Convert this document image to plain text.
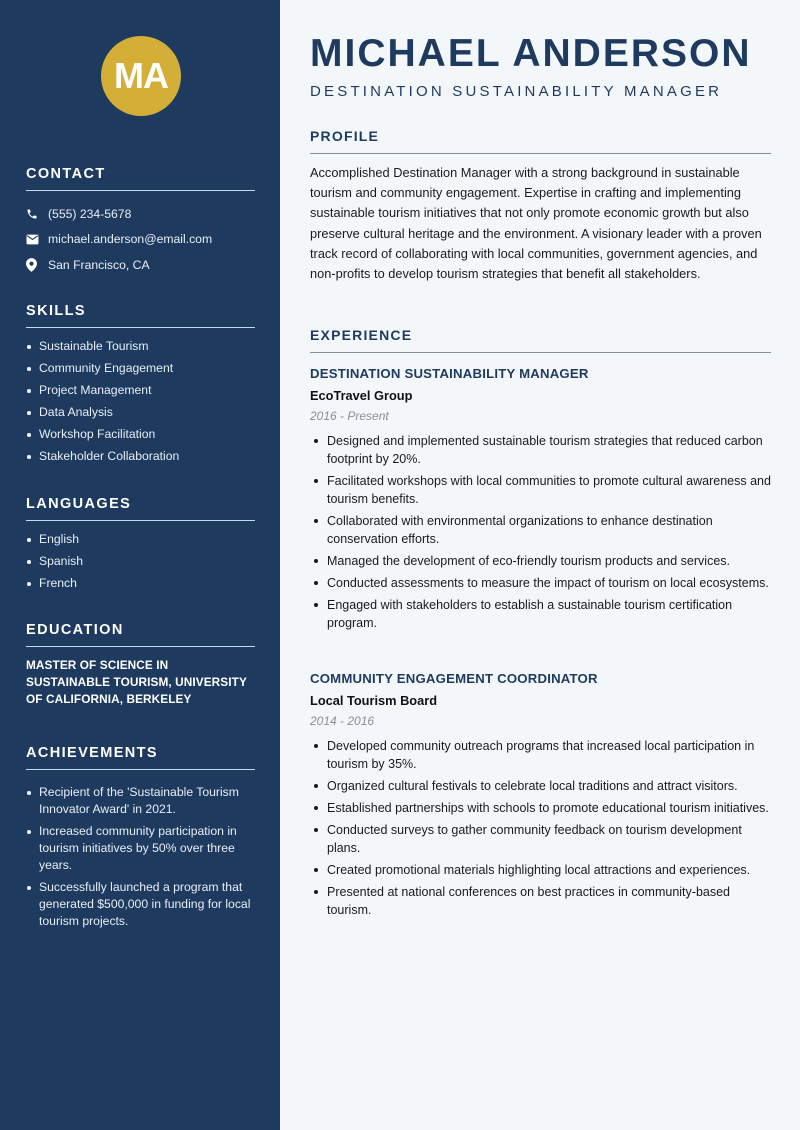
MA
CONTACT
(555) 234-5678
michael.anderson@email.com
San Francisco, CA
SKILLS
Sustainable Tourism
Community Engagement
Project Management
Data Analysis
Workshop Facilitation
Stakeholder Collaboration
LANGUAGES
English
Spanish
French
EDUCATION

MASTER OF SCIENCE IN SUSTAINABLE TOURISM, UNIVERSITY OF CALIFORNIA, BERKELEY

ACHIEVEMENTS
Recipient of the 'Sustainable Tourism Innovator Award' in 2021.
Increased community participation in tourism initiatives by 50% over three years.
Successfully launched a program that generated $500,000 in funding for local tourism projects.
MICHAEL ANDERSON
DESTINATION SUSTAINABILITY MANAGER
PROFILE

Accomplished Destination Manager with a strong background in sustainable tourism and community engagement. Expertise in crafting and implementing sustainable tourism initiatives that not only promote economic growth but also preserve cultural heritage and the environment. A visionary leader with a proven track record of collaborating with local communities, government agencies, and non-profits to develop tourism strategies that benefit all stakeholders.

EXPERIENCE
DESTINATION SUSTAINABILITY MANAGER
EcoTravel Group
2016 - Present
Designed and implemented sustainable tourism strategies that reduced carbon footprint by 20%.
Facilitated workshops with local communities to promote cultural awareness and tourism benefits.
Collaborated with environmental organizations to enhance destination conservation efforts.
Managed the development of eco-friendly tourism products and services.
Conducted assessments to measure the impact of tourism on local ecosystems.
Engaged with stakeholders to establish a sustainable tourism certification program.
COMMUNITY ENGAGEMENT COORDINATOR
Local Tourism Board
2014 - 2016
Developed community outreach programs that increased local participation in tourism by 35%.
Organized cultural festivals to celebrate local traditions and attract visitors.
Established partnerships with schools to promote educational tourism initiatives.
Conducted surveys to gather community feedback on tourism development plans.
Created promotional materials highlighting local attractions and experiences.
Presented at national conferences on best practices in community-based tourism.
